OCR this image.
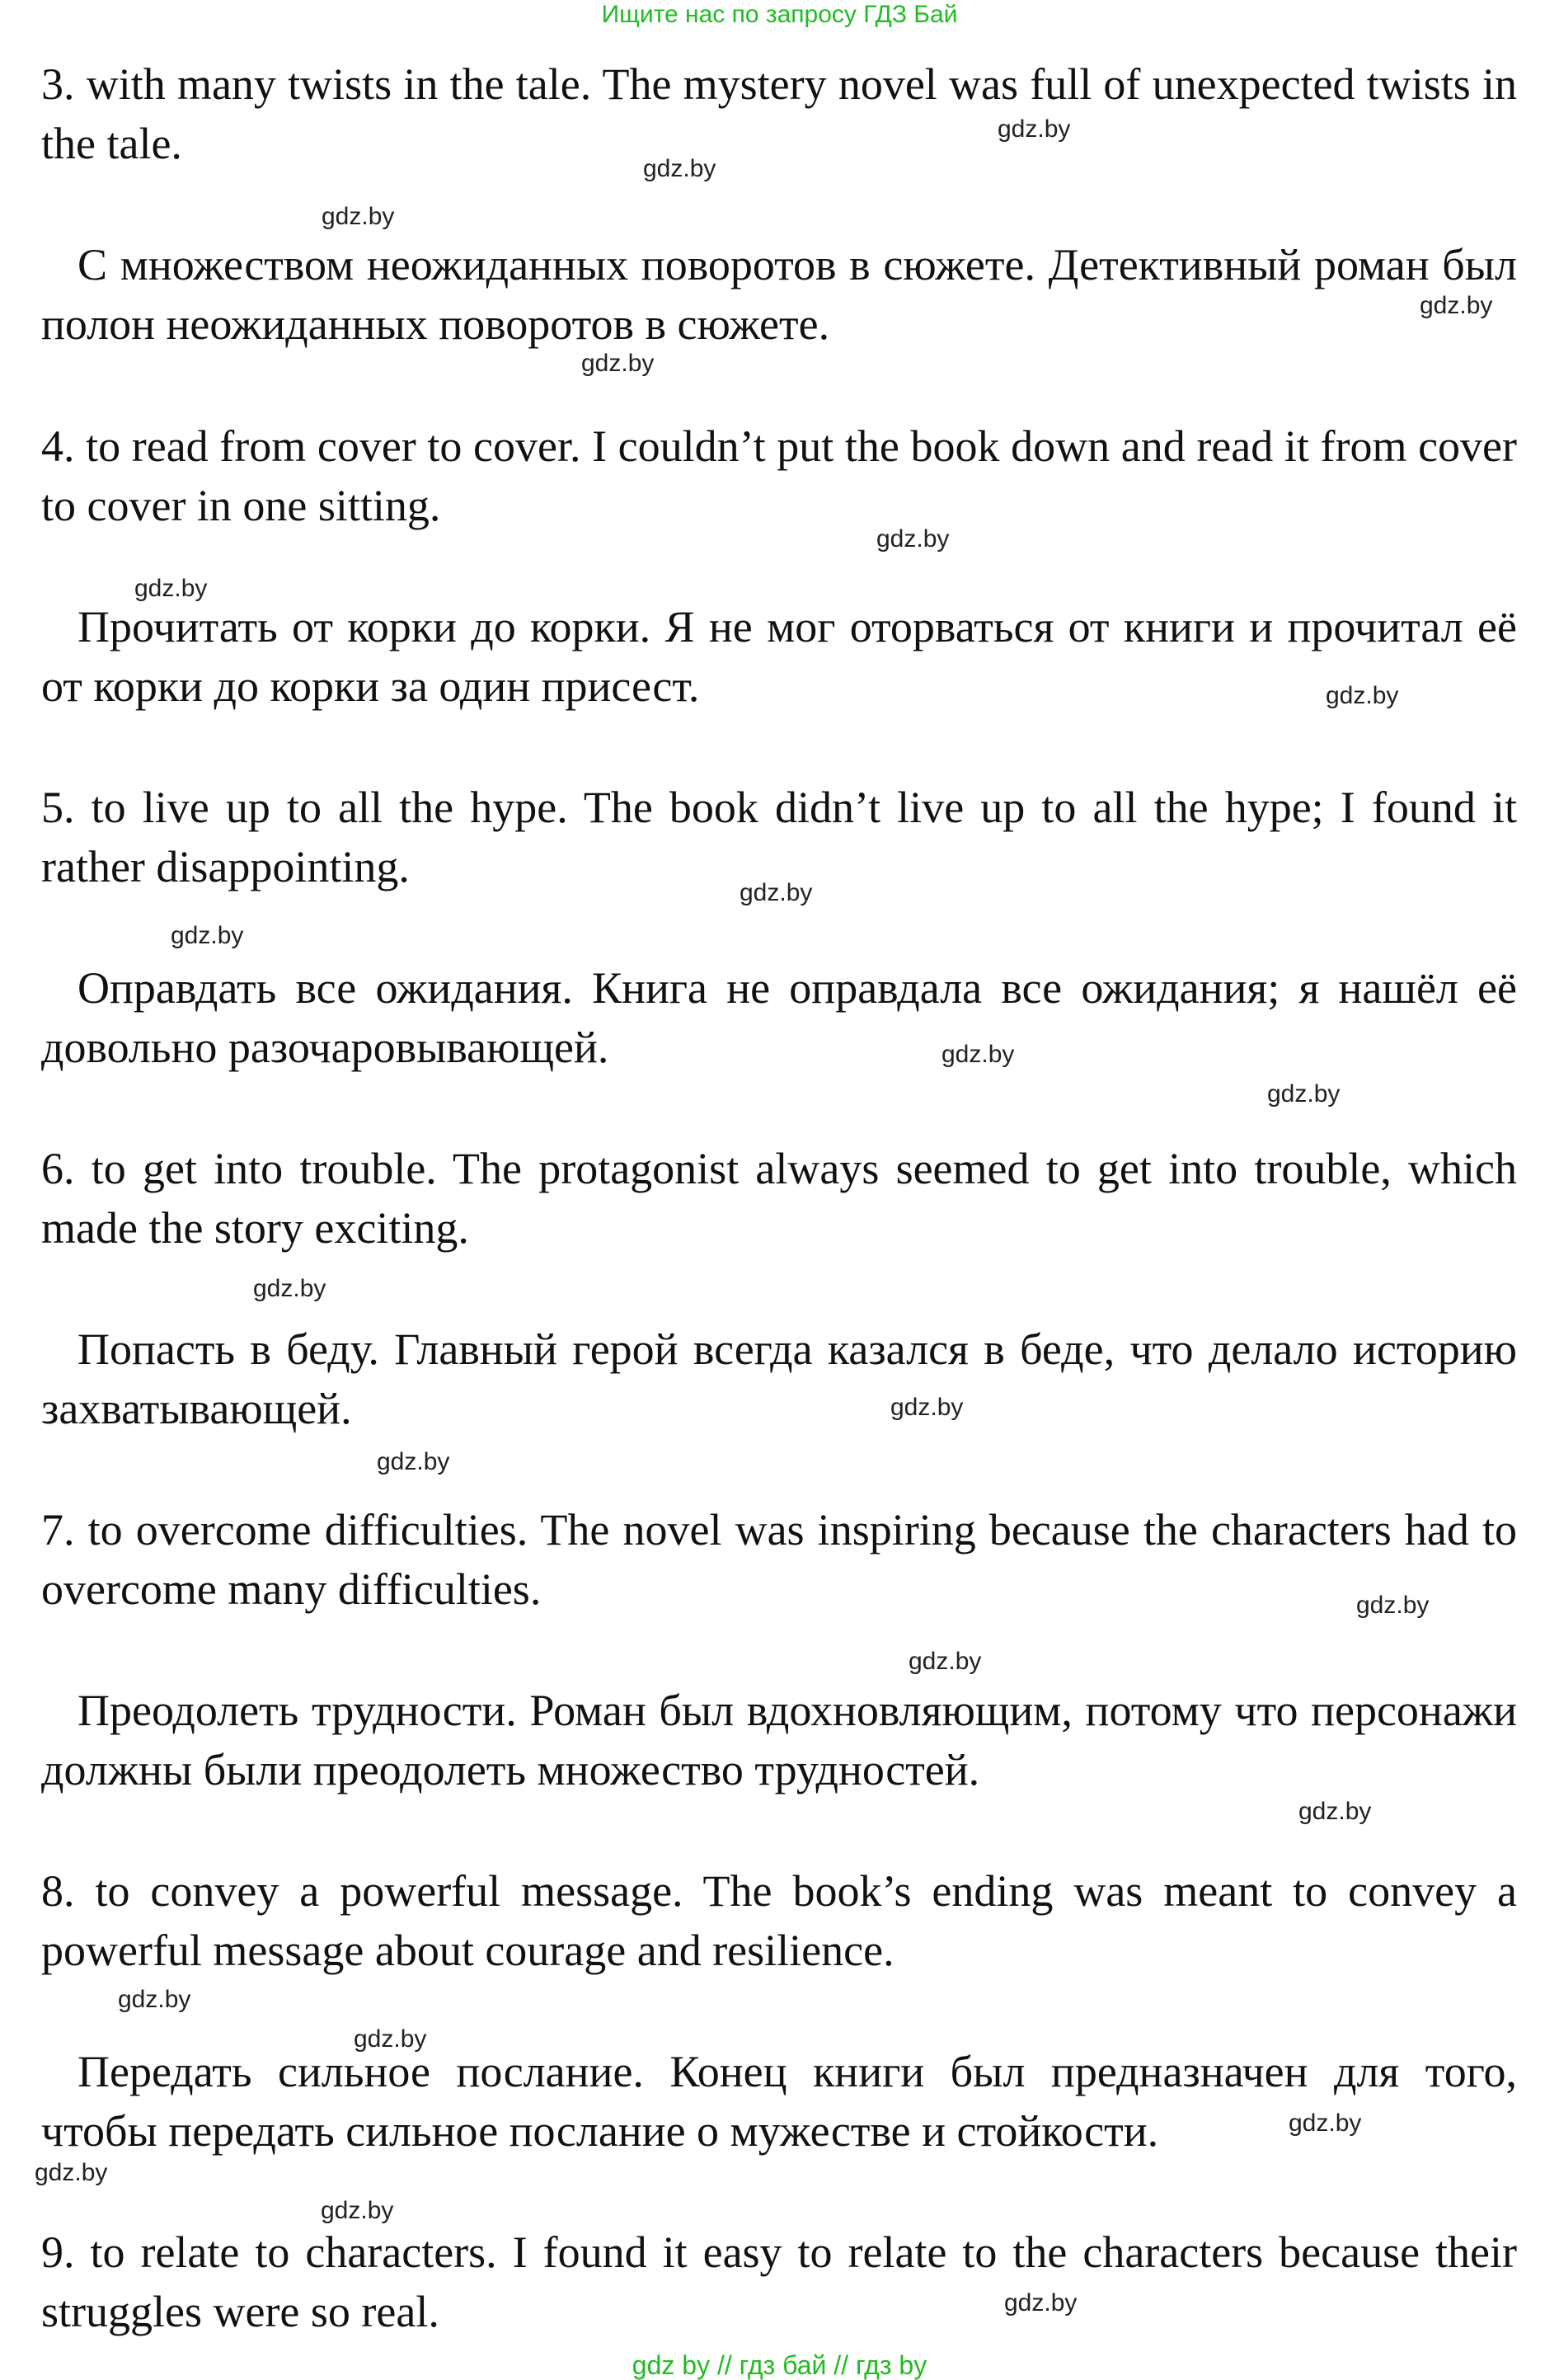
Ищите нас по запросу ГДЗ Бай

3. with many twists in the tale. The mystery novel was full of unexpected twists in the tale.

С множеством неожиданных поворотов в сюжете. Детективный роман был полон неожиданных поворотов в сюжете.

4. to read from cover to cover. I couldn’t put the book down and read it from cover to cover in one sitting.

Прочитать от корки до корки. Я не мог оторваться от книги и прочитал её от корки до корки за один присест.

5. to live up to all the hype. The book didn’t live up to all the hype; I found it rather disappointing.

Оправдать все ожидания. Книга не оправдала все ожидания; я нашёл её довольно разочаровывающей.

6. to get into trouble. The protagonist always seemed to get into trouble, which made the story exciting.

Попасть в беду. Главный герой всегда казался в беде, что делало историю захватывающей.

7. to overcome difficulties. The novel was inspiring because the characters had to overcome many difficulties.

Преодолеть трудности. Роман был вдохновляющим, потому что персонажи должны были преодолеть множество трудностей.

8. to convey a powerful message. The book’s ending was meant to convey a powerful message about courage and resilience.

Передать сильное послание. Конец книги был предназначен для того, чтобы передать сильное послание о мужестве и стойкости.

9. to relate to characters. I found it easy to relate to the characters because their struggles were so real.

gdz.by
gdz.by
gdz.by
gdz.by
gdz.by
gdz.by
gdz.by
gdz.by
gdz.by
gdz.by
gdz.by
gdz.by
gdz.by
gdz.by
gdz.by
gdz.by
gdz.by
gdz.by
gdz.by
gdz.by
gdz.by
gdz.by
gdz.by
gdz.by
gdz by // гдз бай // гдз by
